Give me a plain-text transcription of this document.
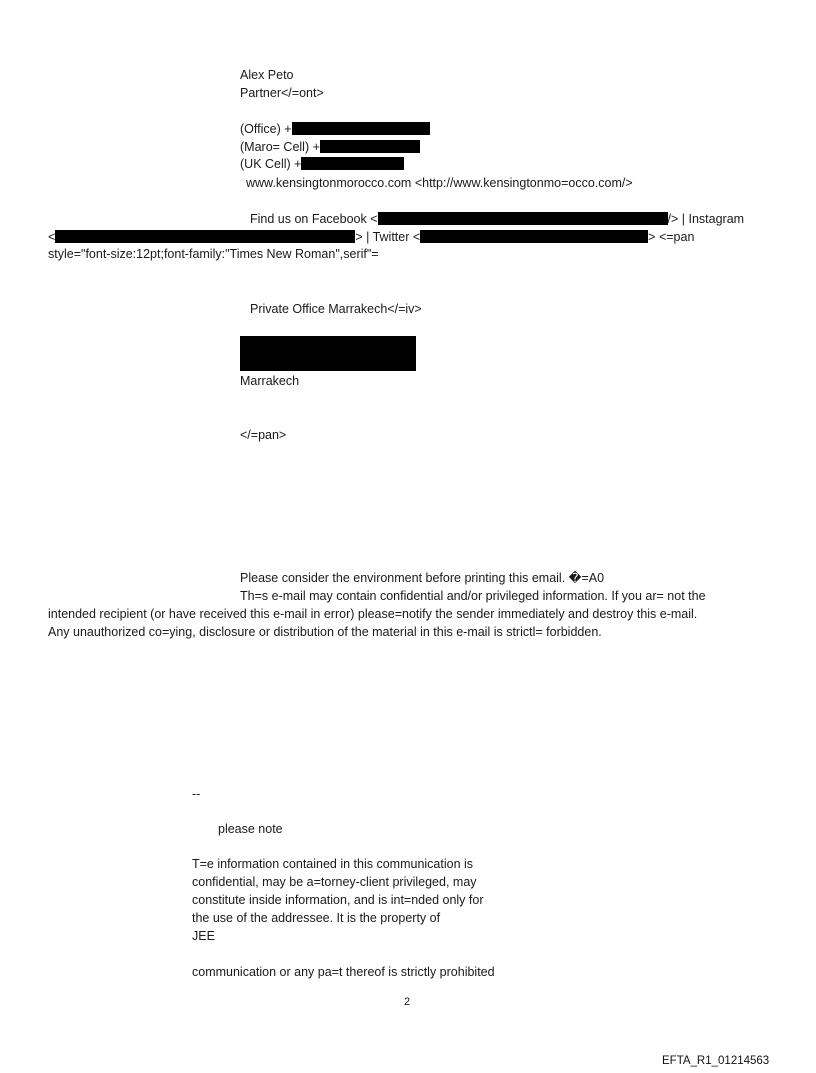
Alex Peto
Partner</=ont>
(Office) +
(Maro= Cell) +
(UK Cell) +
www.kensingtonmorocco.com <http://www.kensingtonmo=occo.com/>
Find us on Facebook <	/> | Instagram
<	> | Twitter <	> <=pan
style="font-size:12pt;font-family:"Times New Roman",serif"=
Private Office Marrakech</=iv>
Marrakech
</=pan>
Please consider the environment before printing this email. �=A0
Th=s e-mail may contain confidential and/or privileged information. If you ar= not the
intended recipient (or have received this e-mail in error) please=notify the sender immediately and destroy this e-mail.
Any unauthorized co=ying, disclosure or distribution of the material in this e-mail is strictl= forbidden.
--
please note
T=e information contained in this communication is
confidential, may be a=torney-client privileged, may
constitute inside information, and is int=nded only for
the use of the addressee. It is the property of
JEE
communication or any pa=t thereof is strictly prohibited
2
EFTA_R1_01214563
